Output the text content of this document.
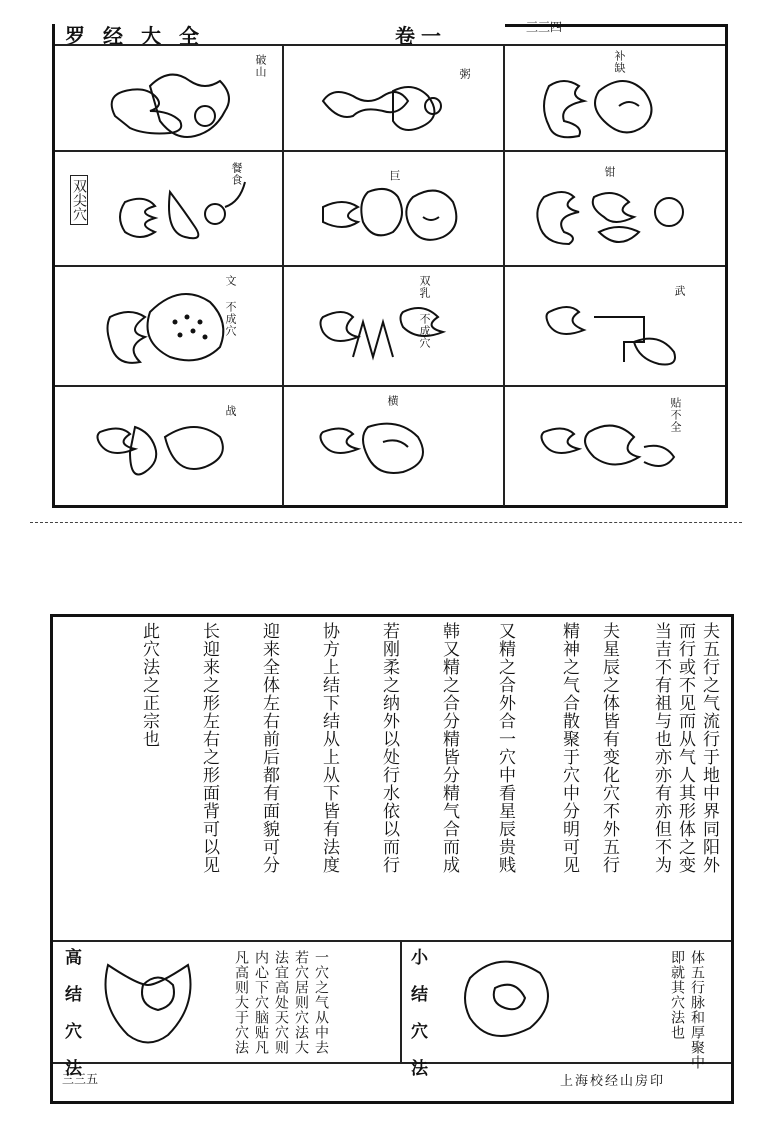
罗经大全	卷一	三三四
双尖穴
破山	粥	补缺
餐食	巨	钳
文 不成穴	双乳 不成穴	武
战
横	贴不全
夫五行之气流行于地中界同阳外
而行或不见而从气人其形体之变
当吉不有祖与也亦亦有亦但不为
夫星辰之体皆有变化穴不外五行
精神之气合散聚于穴中分明可见
又精之合外合一穴中看星辰贵贱
韩又精之合分精皆分精气合而成
若刚柔之纳外以处行水依以而行
协方上结下结从上从下皆有法度
迎来全体左右前后都有面貌可分
长迎来之形左右之形面背可以见
此穴法之正宗也
高 结 穴 法	凡高则大于穴法 内心下穴脑贴凡 法宜高处天穴则 若穴居则穴法大 一穴之气从中去	小 结 穴 法	体五行脉和厚聚中
即就其穴法也
三三五	上海校经山房印
